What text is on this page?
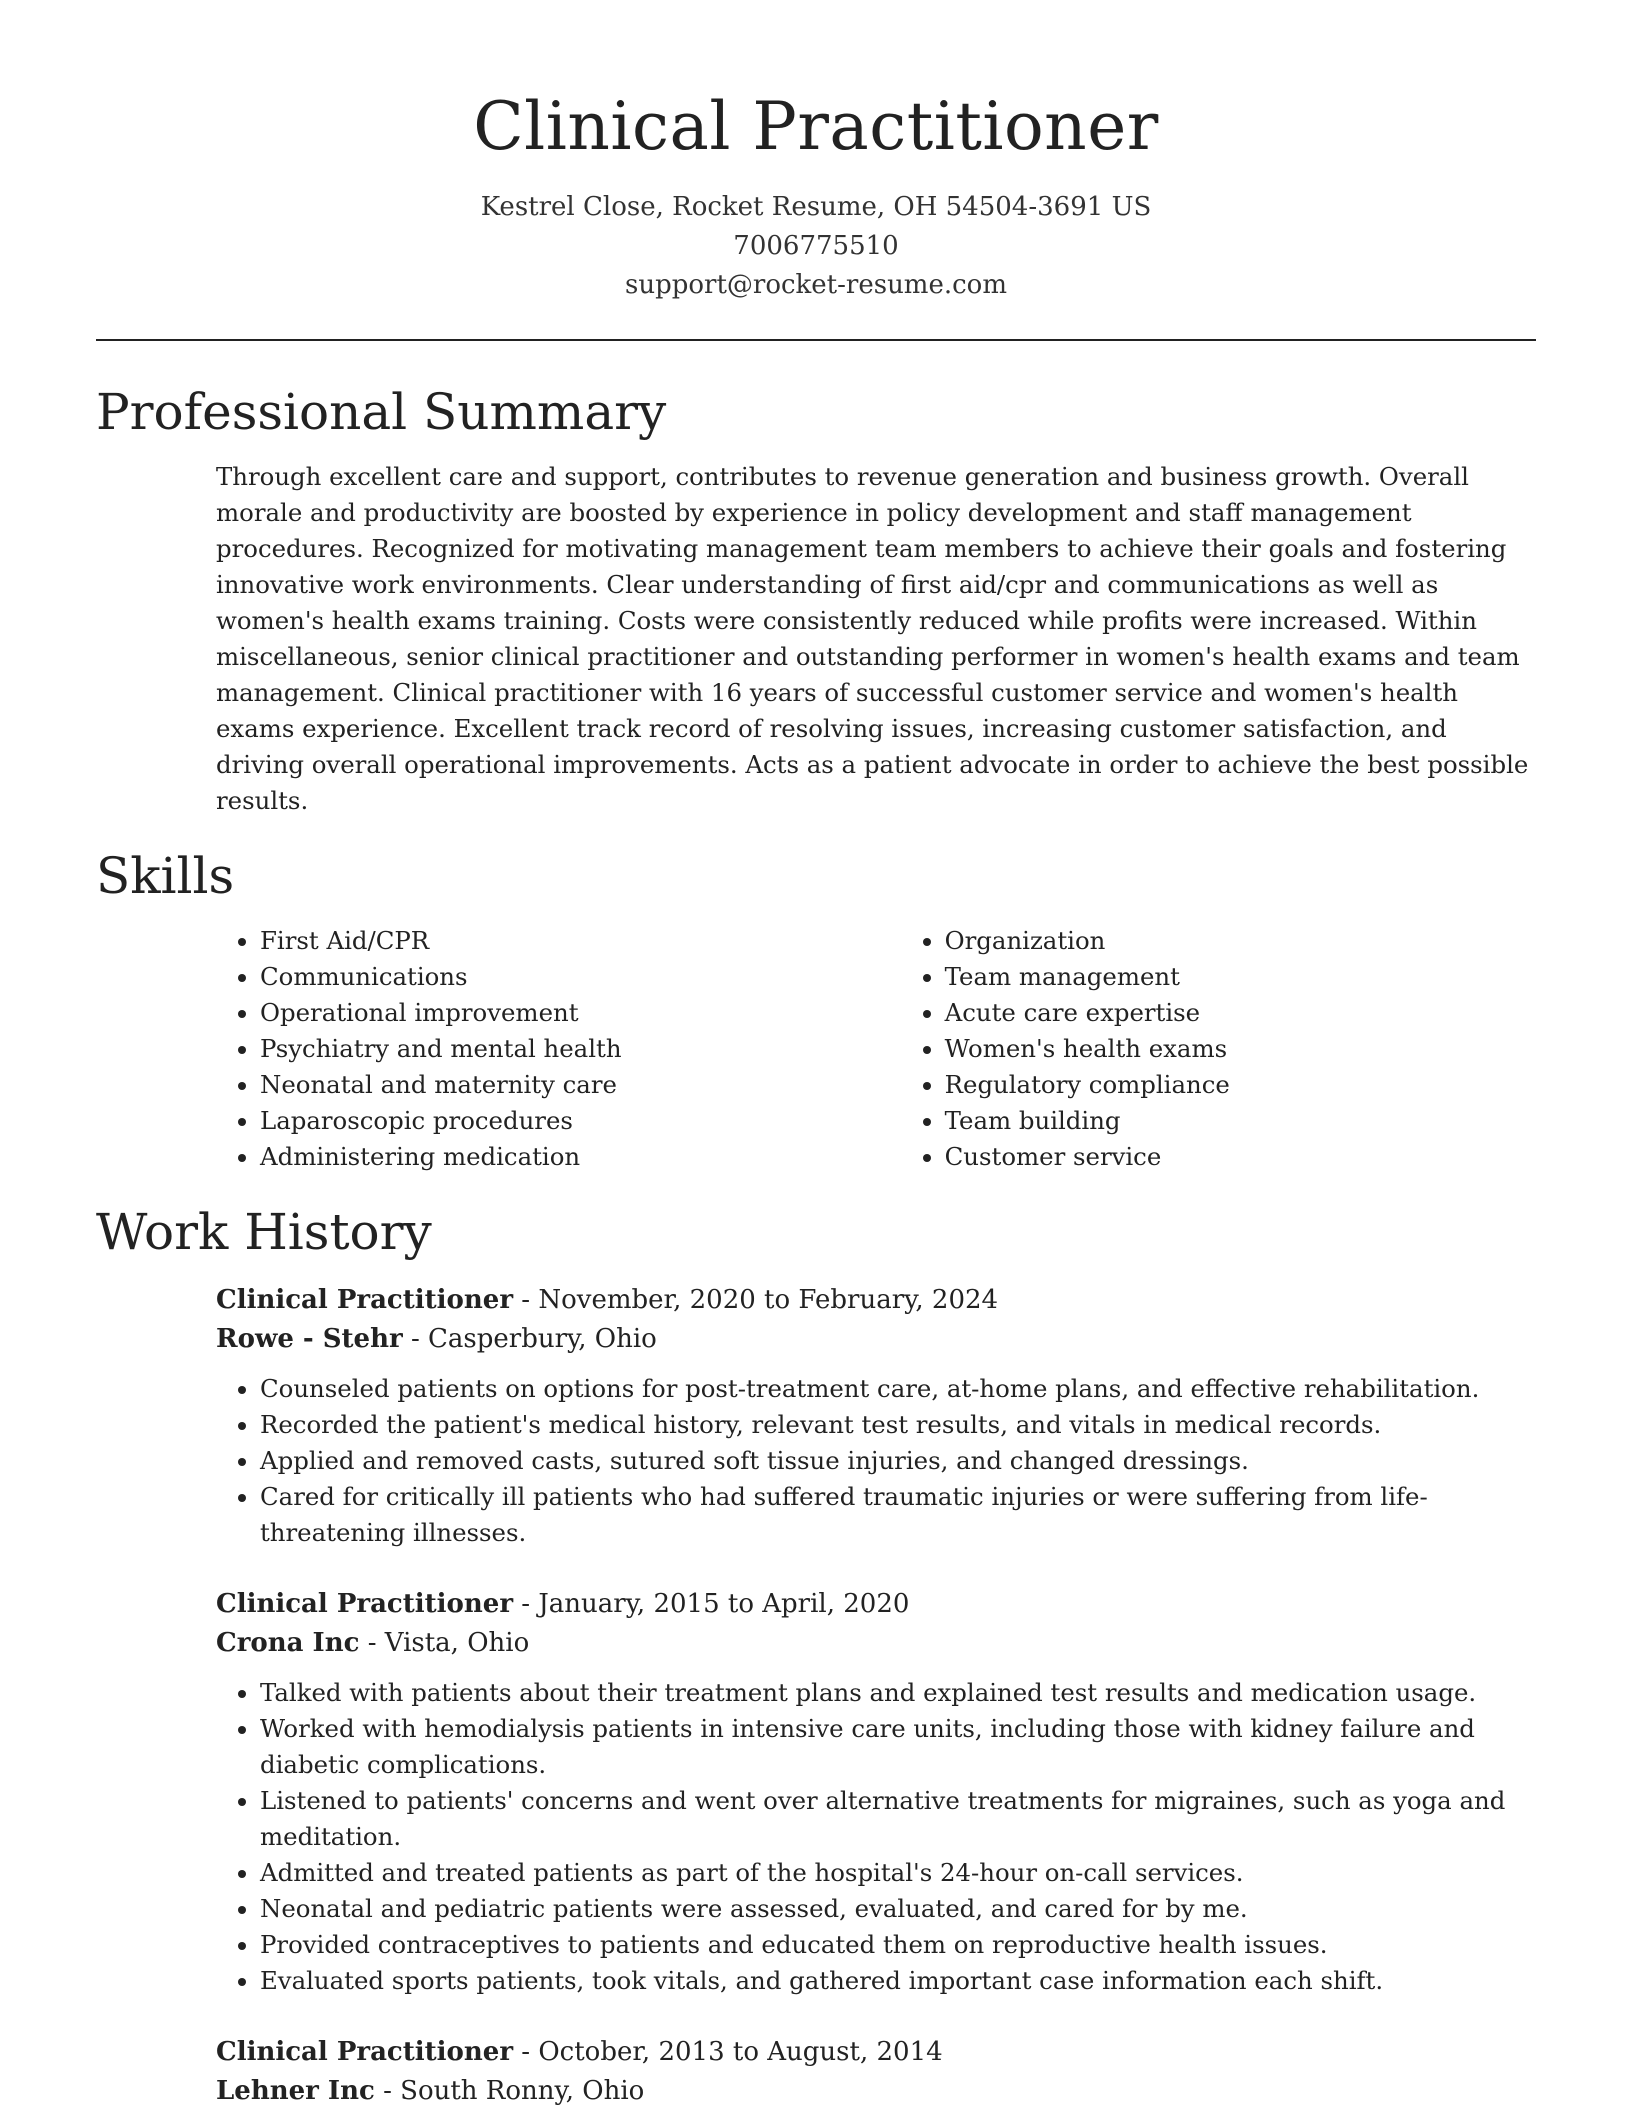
Clinical Practitioner
Kestrel Close, Rocket Resume, OH 54504-3691 US
7006775510
support@rocket-resume.com
Professional Summary

Through excellent care and support, contributes to revenue generation and business growth. Overall morale and productivity are boosted by experience in policy development and staff management procedures. Recognized for motivating management team members to achieve their goals and fostering innovative work environments. Clear understanding of first aid/cpr and communications as well as women's health exams training. Costs were consistently reduced while profits were increased. Within miscellaneous, senior clinical practitioner and outstanding performer in women's health exams and team management. Clinical practitioner with 16 years of successful customer service and women's health exams experience. Excellent track record of resolving issues, increasing customer satisfaction, and driving overall operational improvements. Acts as a patient advocate in order to achieve the best possible results.

Skills
• First Aid/CPR
• Communications
• Operational improvement
• Psychiatry and mental health
• Neonatal and maternity care
• Laparoscopic procedures
• Administering medication
• Organization
• Team management
• Acute care expertise
• Women's health exams
• Regulatory compliance
• Team building
• Customer service
Work History
Clinical Practitioner - November, 2020 to February, 2024
Rowe - Stehr - Casperbury, Ohio
• Counseled patients on options for post-treatment care, at-home plans, and effective rehabilitation.
• Recorded the patient's medical history, relevant test results, and vitals in medical records.
• Applied and removed casts, sutured soft tissue injuries, and changed dressings.
• Cared for critically ill patients who had suffered traumatic injuries or were suffering from life-threatening illnesses.
Clinical Practitioner - January, 2015 to April, 2020
Crona Inc - Vista, Ohio
• Talked with patients about their treatment plans and explained test results and medication usage.
• Worked with hemodialysis patients in intensive care units, including those with kidney failure and diabetic complications.
• Listened to patients' concerns and went over alternative treatments for migraines, such as yoga and meditation.
• Admitted and treated patients as part of the hospital's 24-hour on-call services.
• Neonatal and pediatric patients were assessed, evaluated, and cared for by me.
• Provided contraceptives to patients and educated them on reproductive health issues.
• Evaluated sports patients, took vitals, and gathered important case information each shift.
Clinical Practitioner - October, 2013 to August, 2014
Lehner Inc - South Ronny, Ohio
